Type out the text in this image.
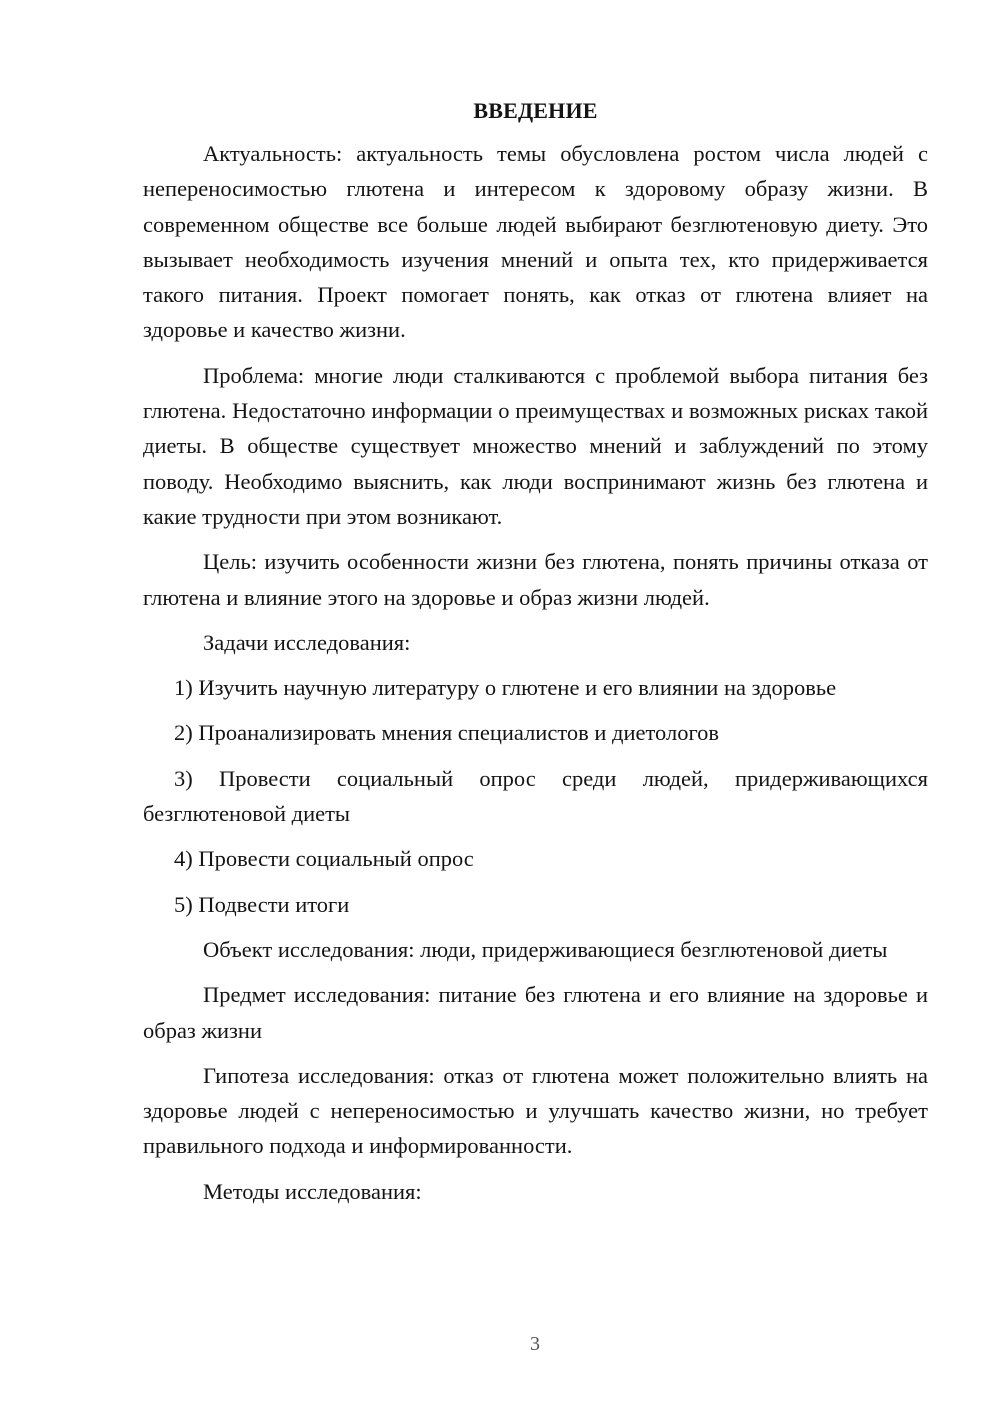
ВВЕДЕНИЕ

Актуальность: актуальность темы обусловлена ростом числа людей с непереносимостью глютена и интересом к здоровому образу жизни. В современном обществе все больше людей выбирают безглютеновую диету. Это вызывает необходимость изучения мнений и опыта тех, кто придерживается такого питания. Проект помогает понять, как отказ от глютена влияет на здоровье и качество жизни.

Проблема: многие люди сталкиваются с проблемой выбора питания без глютена. Недостаточно информации о преимуществах и возможных рисках такой диеты. В обществе существует множество мнений и заблуждений по этому поводу. Необходимо выяснить, как люди воспринимают жизнь без глютена и какие трудности при этом возникают.

Цель: изучить особенности жизни без глютена, понять причины отказа от глютена и влияние этого на здоровье и образ жизни людей.

Задачи исследования:

1) Изучить научную литературу о глютене и его влиянии на здоровье

2) Проанализировать мнения специалистов и диетологов

3) Провести социальный опрос среди людей, придерживающихся безглютеновой диеты

4) Провести социальный опрос

5) Подвести итоги

Объект исследования: люди, придерживающиеся безглютеновой диеты

Предмет исследования: питание без глютена и его влияние на здоровье и образ жизни

Гипотеза исследования: отказ от глютена может положительно влиять на здоровье людей с непереносимостью и улучшать качество жизни, но требует правильного подхода и информированности.

Методы исследования:

3
